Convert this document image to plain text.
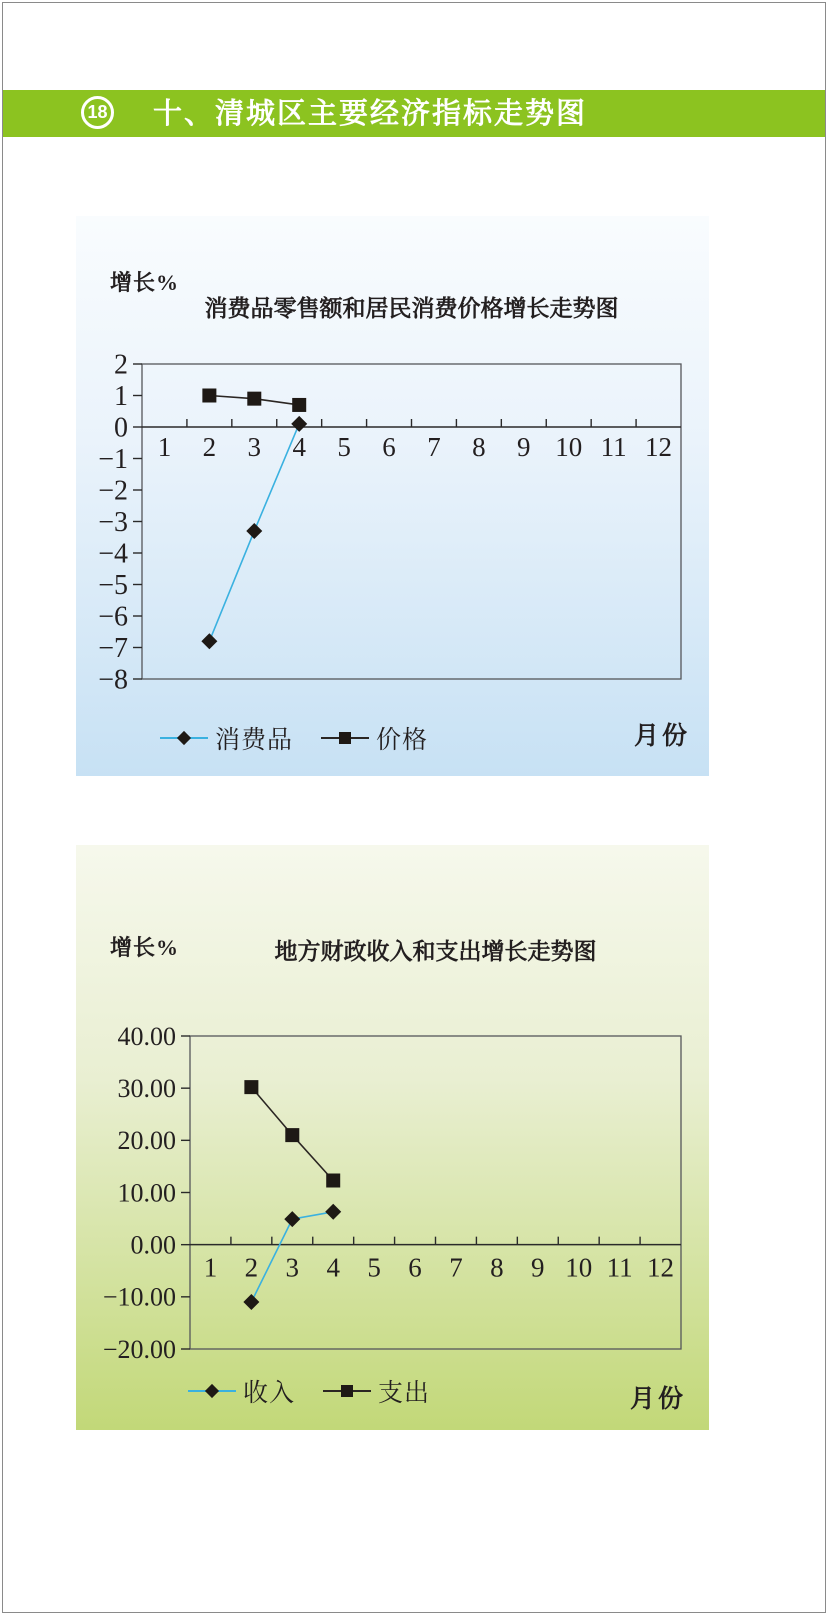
18 十、清城区主要经济指标走势图
增长%
消费品零售额和居民消费价格增长走势图
2
1
0
−1
−2
−3
−4
−5
−6
−7
−8
1 2 3 4 5 6 7 8 9 10 11 12
消费品	价格	月份
增长%	地方财政收入和支出增长走势图
40.00
30.00
20.00
10.00
0.00
−10.00
−20.00
1 2 3 4 5 6 7 8 9 10 11 12
收入	支出	月份
